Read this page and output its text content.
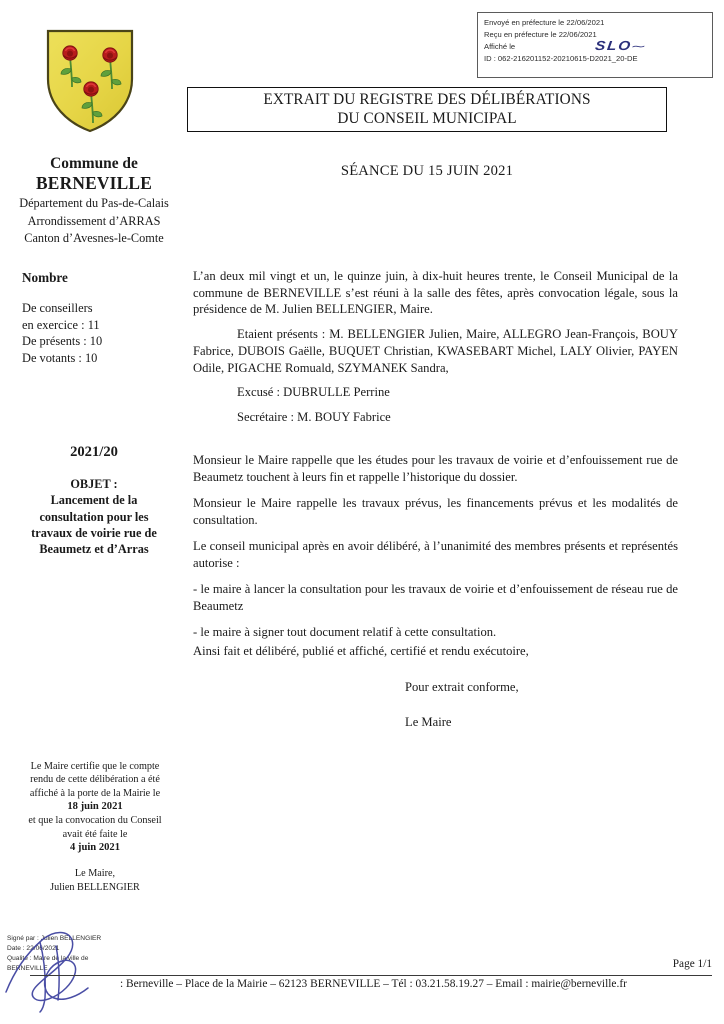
Envoyé en préfecture le 22/06/2021
Reçu en préfecture le 22/06/2021
Affiché le	SLO⁓
ID : 062-216201152-20210615-D2021_20-DE
Commune de
BERNEVILLE
Département du Pas-de-Calais
Arrondissement d’ARRAS
Canton d’Avesnes-le-Comte
Nombre
De conseillers
en exercice : 11
De présents : 10
De votants : 10
2021/20
OBJET :
Lancement de la
consultation pour les
travaux de voirie rue de
Beaumetz et d’Arras
EXTRAIT DU REGISTRE DES DÉLIBÉRATIONS
DU CONSEIL MUNICIPAL
SÉANCE DU 15 JUIN 2021

L’an deux mil vingt et un, le quinze juin, à dix-huit heures trente, le Conseil Municipal de la commune de BERNEVILLE s’est réuni à la salle des fêtes, après convocation légale, sous la présidence de M. Julien BELLENGIER, Maire.

Etaient présents : M. BELLENGIER Julien, Maire, ALLEGRO Jean-François, BOUY Fabrice, DUBOIS Gaëlle, BUQUET Christian, KWASEBART Michel, LALY Olivier, PAYEN Odile, PIGACHE Romuald, SZYMANEK Sandra,

Excusé : DUBRULLE Perrine

Secrétaire : M. BOUY Fabrice

Monsieur le Maire rappelle que les études pour les travaux de voirie et d’enfouissement rue de Beaumetz touchent à leurs fin et rappelle l’historique du dossier.

Monsieur le Maire rappelle les travaux prévus, les financements prévus et les modalités de consultation.

Le conseil municipal après en avoir délibéré, à l’unanimité des membres présents et représentés autorise :

- le maire à lancer la consultation pour les travaux de voirie et d’enfouissement de réseau rue de Beaumetz

- le maire à signer tout document relatif à cette consultation.

Ainsi fait et délibéré, publié et affiché, certifié et rendu exécutoire,
Pour extrait conforme,
Le Maire
Le Maire certifie que le compte
rendu de cette délibération a été
affiché à la porte de la Mairie le
18 juin 2021
et que la convocation du Conseil
avait été faite le
4 juin 2021
Le Maire,
Julien BELLENGIER
Signé par : Julien BELLENGIER
Date : 22/06/2021
Qualité : Maire de la ville de
BERNEVILLE	Page 1/1
: Berneville – Place de la Mairie – 62123 BERNEVILLE – Tél : 03.21.58.19.27 – Email : mairie@berneville.fr
